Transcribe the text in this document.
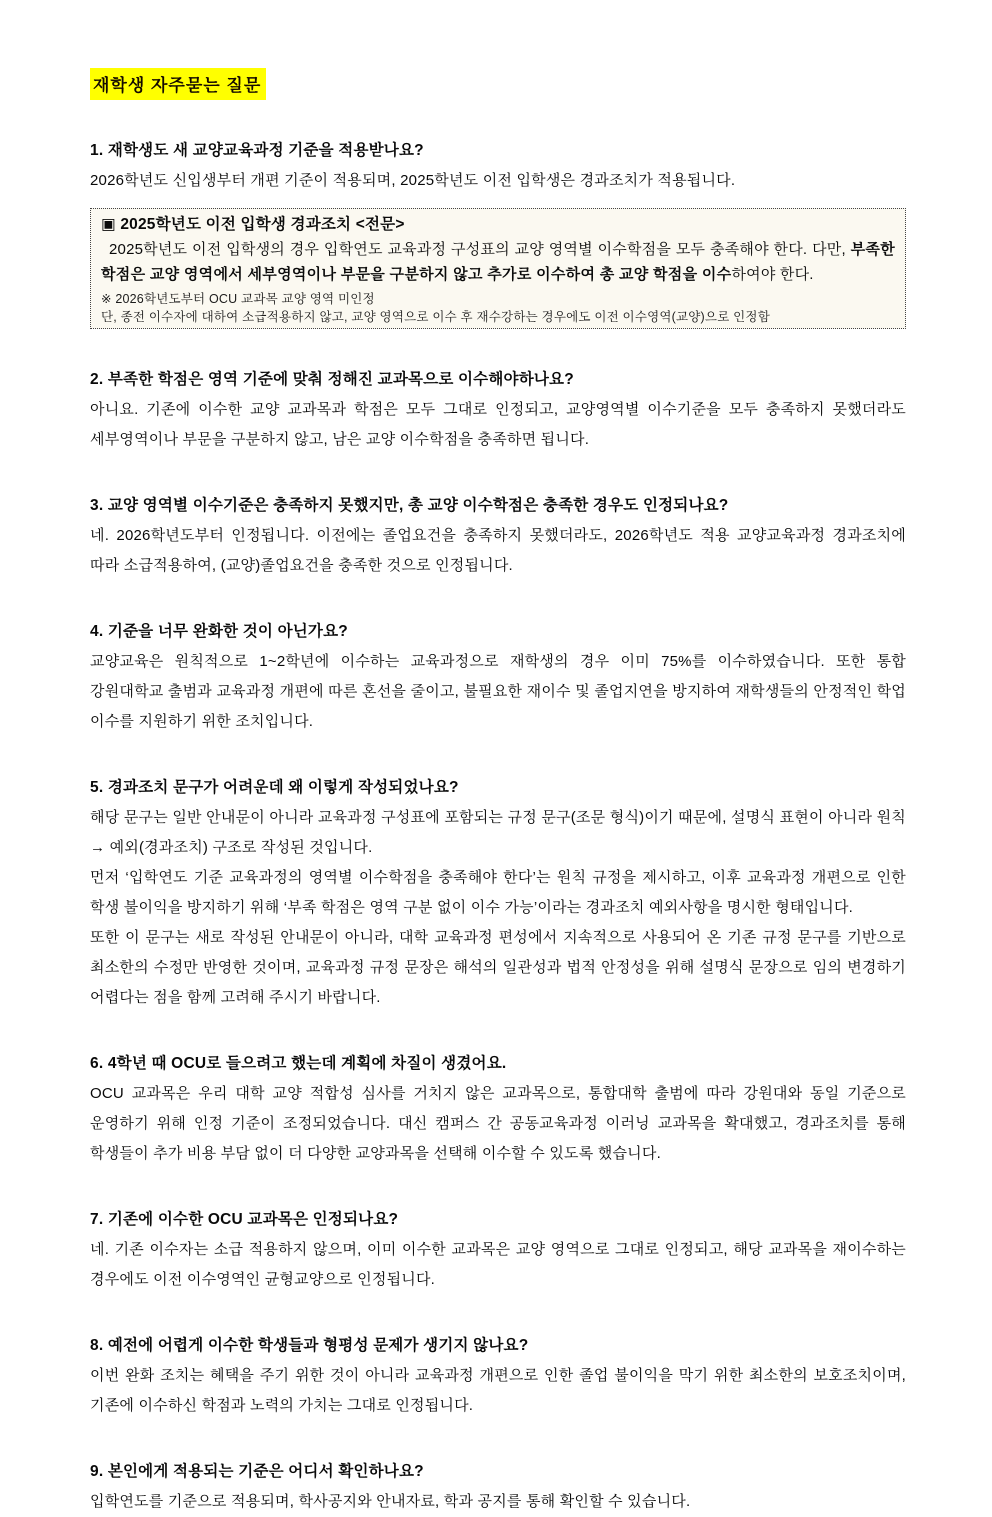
재학생 자주묻는 질문
1. 재학생도 새 교양교육과정 기준을 적용받나요?
2026학년도 신입생부터 개편 기준이 적용되며, 2025학년도 이전 입학생은 경과조치가 적용됩니다.
▣ 2025학년도 이전 입학생 경과조치 <전문>
2025학년도 이전 입학생의 경우 입학연도 교육과정 구성표의 교양 영역별 이수학점을 모두 충족해야 한다. 다만, 부족한 학점은 교양 영역에서 세부영역이나 부문을 구분하지 않고 추가로 이수하여 총 교양 학점을 이수하여야 한다.
※ 2026학년도부터 OCU 교과목 교양 영역 미인정
단, 종전 이수자에 대하여 소급적용하지 않고, 교양 영역으로 이수 후 재수강하는 경우에도 이전 이수영역(교양)으로 인정함
2. 부족한 학점은 영역 기준에 맞춰 정해진 교과목으로 이수해야하나요?
아니요. 기존에 이수한 교양 교과목과 학점은 모두 그대로 인정되고, 교양영역별 이수기준을 모두 충족하지 못했더라도 세부영역이나 부문을 구분하지 않고, 남은 교양 이수학점을 충족하면 됩니다.
3. 교양 영역별 이수기준은 충족하지 못했지만, 총 교양 이수학점은 충족한 경우도 인정되나요?
네. 2026학년도부터 인정됩니다. 이전에는 졸업요건을 충족하지 못했더라도, 2026학년도 적용 교양교육과정 경과조치에 따라 소급적용하여, (교양)졸업요건을 충족한 것으로 인정됩니다.
4. 기준을 너무 완화한 것이 아닌가요?
교양교육은 원칙적으로 1~2학년에 이수하는 교육과정으로 재학생의 경우 이미 75%를 이수하였습니다. 또한 통합 강원대학교 출범과 교육과정 개편에 따른 혼선을 줄이고, 불필요한 재이수 및 졸업지연을 방지하여 재학생들의 안정적인 학업 이수를 지원하기 위한 조치입니다.
5. 경과조치 문구가 어려운데 왜 이렇게 작성되었나요?
해당 문구는 일반 안내문이 아니라 교육과정 구성표에 포함되는 규정 문구(조문 형식)이기 때문에, 설명식 표현이 아니라 원칙 → 예외(경과조치) 구조로 작성된 것입니다.
먼저 ‘입학연도 기준 교육과정의 영역별 이수학점을 충족해야 한다’는 원칙 규정을 제시하고, 이후 교육과정 개편으로 인한 학생 불이익을 방지하기 위해 ‘부족 학점은 영역 구분 없이 이수 가능’이라는 경과조치 예외사항을 명시한 형태입니다.
또한 이 문구는 새로 작성된 안내문이 아니라, 대학 교육과정 편성에서 지속적으로 사용되어 온 기존 규정 문구를 기반으로 최소한의 수정만 반영한 것이며, 교육과정 규정 문장은 해석의 일관성과 법적 안정성을 위해 설명식 문장으로 임의 변경하기 어렵다는 점을 함께 고려해 주시기 바랍니다.
6. 4학년 때 OCU로 들으려고 했는데 계획에 차질이 생겼어요.
OCU 교과목은 우리 대학 교양 적합성 심사를 거치지 않은 교과목으로, 통합대학 출범에 따라 강원대와 동일 기준으로 운영하기 위해 인정 기준이 조정되었습니다. 대신 캠퍼스 간 공동교육과정 이러닝 교과목을 확대했고, 경과조치를 통해 학생들이 추가 비용 부담 없이 더 다양한 교양과목을 선택해 이수할 수 있도록 했습니다.
7. 기존에 이수한 OCU 교과목은 인정되나요?
네. 기존 이수자는 소급 적용하지 않으며, 이미 이수한 교과목은 교양 영역으로 그대로 인정되고, 해당 교과목을 재이수하는 경우에도 이전 이수영역인 균형교양으로 인정됩니다.
8. 예전에 어렵게 이수한 학생들과 형평성 문제가 생기지 않나요?
이번 완화 조치는 혜택을 주기 위한 것이 아니라 교육과정 개편으로 인한 졸업 불이익을 막기 위한 최소한의 보호조치이며, 기존에 이수하신 학점과 노력의 가치는 그대로 인정됩니다.
9. 본인에게 적용되는 기준은 어디서 확인하나요?
입학연도를 기준으로 적용되며, 학사공지와 안내자료, 학과 공지를 통해 확인할 수 있습니다.
